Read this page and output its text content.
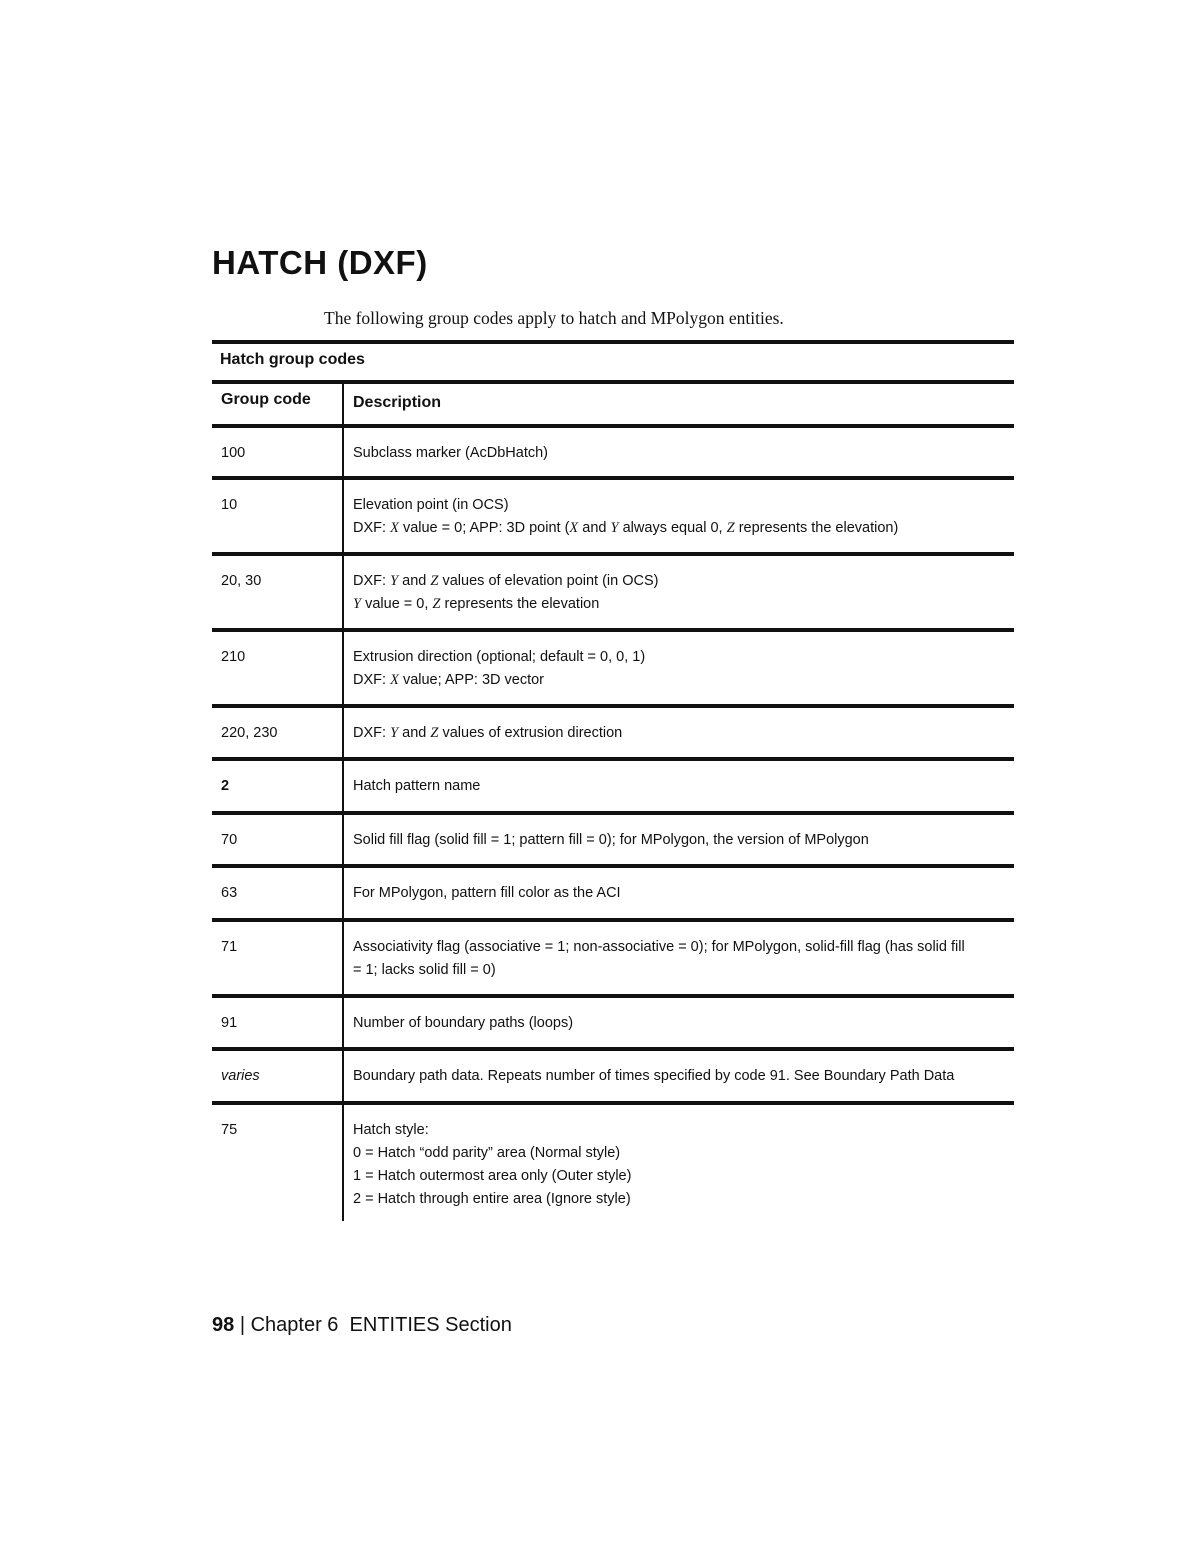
HATCH (DXF)
The following group codes apply to hatch and MPolygon entities.
Hatch group codes
Group code	Description
100	Subclass marker (AcDbHatch)
10	Elevation point (in OCS)
DXF: X value = 0; APP: 3D point (X and Y always equal 0, Z represents the elevation)
20, 30	DXF: Y and Z values of elevation point (in OCS)
Y value = 0, Z represents the elevation
210	Extrusion direction (optional; default = 0, 0, 1)
DXF: X value; APP: 3D vector
220, 230	DXF: Y and Z values of extrusion direction
2	Hatch pattern name
70	Solid fill flag (solid fill = 1; pattern fill = 0); for MPolygon, the version of MPolygon
63	For MPolygon, pattern fill color as the ACI
71	Associativity flag (associative = 1; non-associative = 0); for MPolygon, solid-fill flag (has solid fill
= 1; lacks solid fill = 0)
91	Number of boundary paths (loops)
varies	Boundary path data. Repeats number of times specified by code 91. See Boundary Path Data
75	Hatch style:
0 = Hatch “odd parity” area (Normal style)
1 = Hatch outermost area only (Outer style)
2 = Hatch through entire area (Ignore style)
98 | Chapter 6 ENTITIES Section
